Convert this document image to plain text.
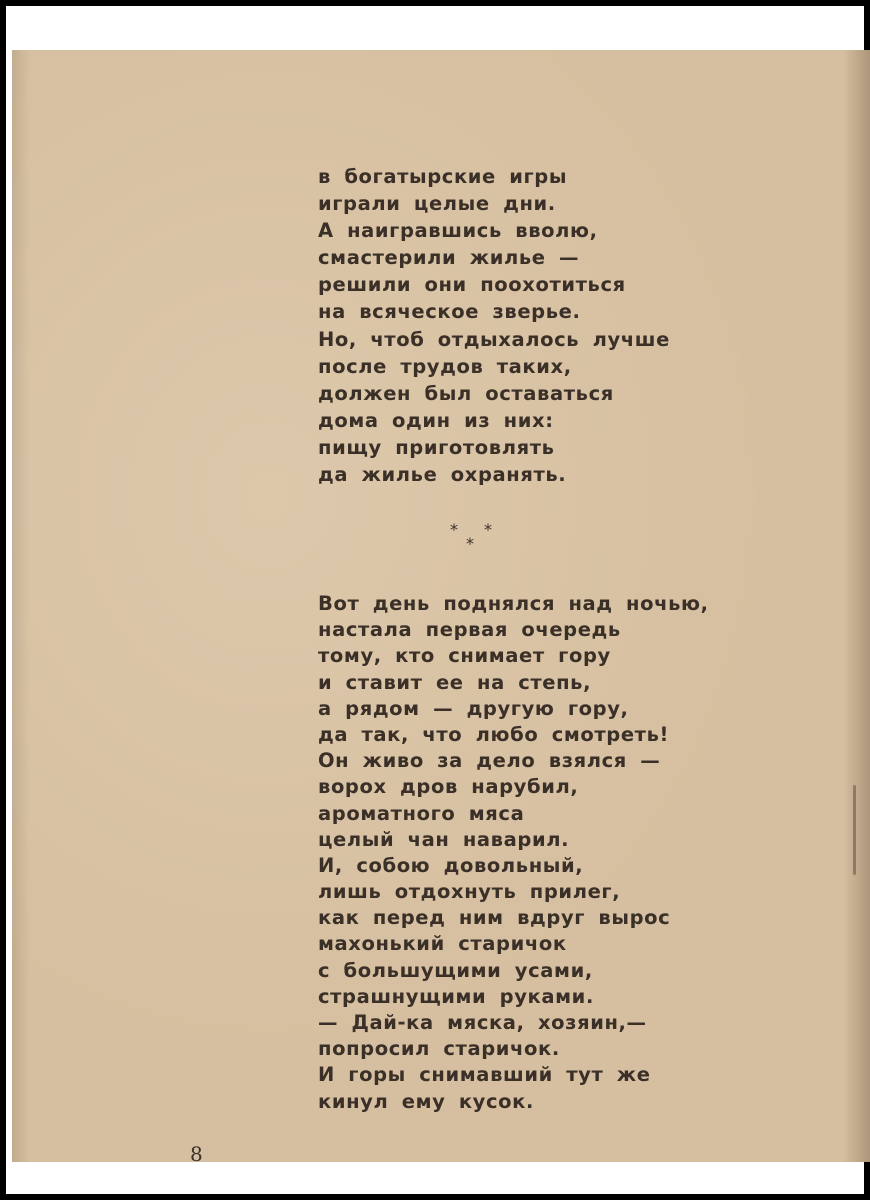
в богатырские игры
играли целые дни.
А наигравшись вволю,
смастерили жилье —
решили они поохотиться
на всяческое зверье.
Но, чтоб отдыхалось лучше
после трудов таких,
должен был оставаться
дома один из них:
пищу приготовлять
да жилье охранять.
* *
*
Вот день поднялся над ночью,
настала первая очередь
тому, кто снимает гору
и ставит ее на степь,
а рядом — другую гору,
да так, что любо смотреть!
Он живо за дело взялся —
ворох дров нарубил,
ароматного мяса
целый чан наварил.
И, собою довольный,
лишь отдохнуть прилег,
как перед ним вдруг вырос
махонький старичок
с большущими усами,
страшнущими руками.
— Дай-ка мяска, хозяин,—
попросил старичок.
И горы снимавший тут же
кинул ему кусок.
8
